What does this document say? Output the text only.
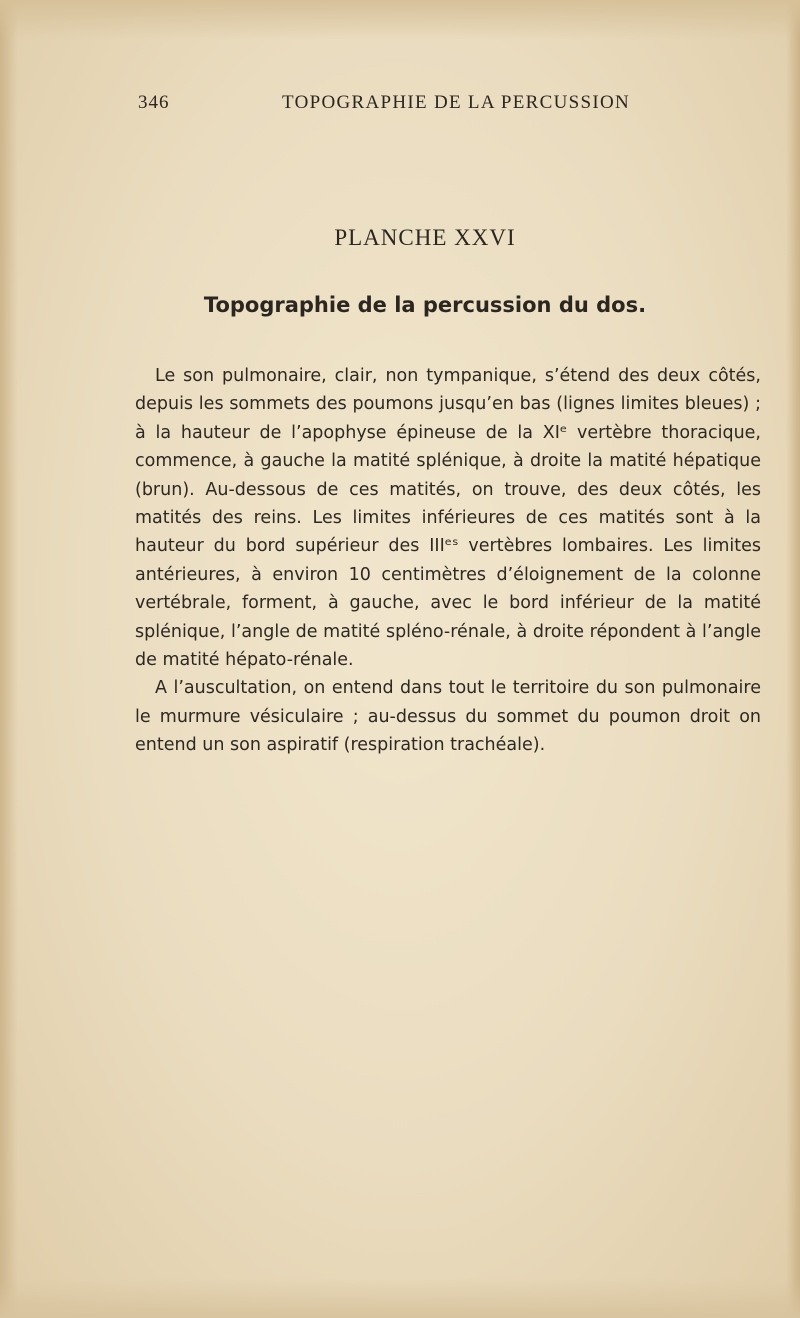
346	TOPOGRAPHIE DE LA PERCUSSION
PLANCHE XXVI
Topographie de la percussion du dos.

Le son pulmonaire, clair, non tympanique, s’étend des deux côtés, depuis les sommets des poumons jusqu’en bas (lignes limites bleues) ; à la hauteur de l’apophyse épineuse de la XIᵉ vertèbre thoracique, commence, à gauche la matité splénique, à droite la matité hépatique (brun). Au-dessous de ces matités, on trouve, des deux côtés, les matités des reins. Les limites inférieures de ces matités sont à la hauteur du bord supérieur des IIIᵉˢ vertèbres lombaires. Les limites antérieures, à environ 10 centimètres d’éloignement de la colonne vertébrale, forment, à gauche, avec le bord inférieur de la matité splénique, l’angle de matité spléno-rénale, à droite répondent à l’angle de matité hépato-rénale.

A l’auscultation, on entend dans tout le territoire du son pulmonaire le murmure vésiculaire ; au-dessus du sommet du poumon droit on entend un son aspiratif (respiration trachéale).
